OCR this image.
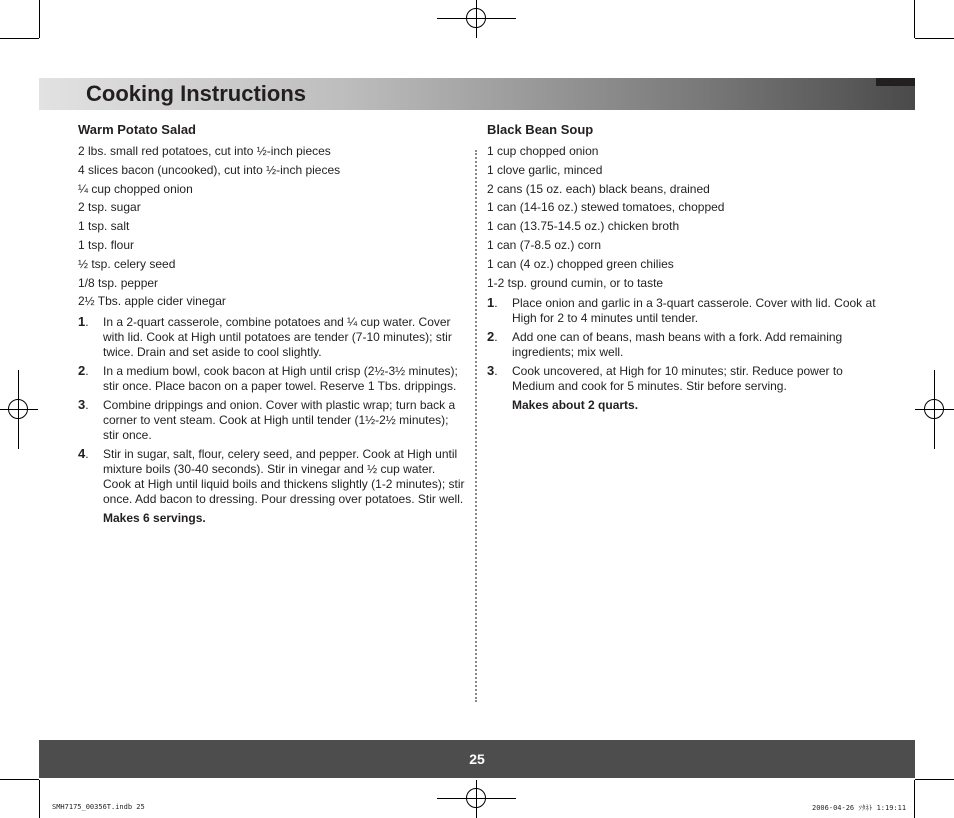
Cooking Instructions
Warm Potato Salad
2 lbs. small red potatoes, cut into ½-inch pieces
4 slices bacon (uncooked), cut into ½-inch pieces
¼ cup chopped onion
2 tsp. sugar
1 tsp. salt
1 tsp. flour
½ tsp. celery seed
1/8 tsp. pepper
2½ Tbs. apple cider vinegar
1. In a 2-quart casserole, combine potatoes and ¼ cup water. Cover with lid. Cook at High until potatoes are tender (7-10 minutes); stir twice. Drain and set aside to cool slightly.
2. In a medium bowl, cook bacon at High until crisp (2½-3½ minutes); stir once. Place bacon on a paper towel. Reserve 1 Tbs. drippings.
3. Combine drippings and onion. Cover with plastic wrap; turn back a corner to vent steam. Cook at High until tender (1½-2½ minutes); stir once.
4. Stir in sugar, salt, flour, celery seed, and pepper. Cook at High until mixture boils (30-40 seconds). Stir in vinegar and ½ cup water. Cook at High until liquid boils and thickens slightly (1-2 minutes); stir once. Add bacon to dressing. Pour dressing over potatoes. Stir well.
Makes 6 servings.
Black Bean Soup
1 cup chopped onion
1 clove garlic, minced
2 cans (15 oz. each) black beans, drained
1 can (14-16 oz.) stewed tomatoes, chopped
1 can (13.75-14.5 oz.) chicken broth
1 can (7-8.5 oz.) corn
1 can (4 oz.) chopped green chilies
1-2 tsp. ground cumin, or to taste
1. Place onion and garlic in a 3-quart casserole. Cover with lid. Cook at High for 2 to 4 minutes until tender.
2. Add one can of beans, mash beans with a fork. Add remaining ingredients; mix well.
3. Cook uncovered, at High for 10 minutes; stir. Reduce power to Medium and cook for 5 minutes. Stir before serving.
Makes about 2 quarts.
25
SMH7175_00356T.indb 25	2006-04-26 ｿﾀﾈﾄ 1:19:11
